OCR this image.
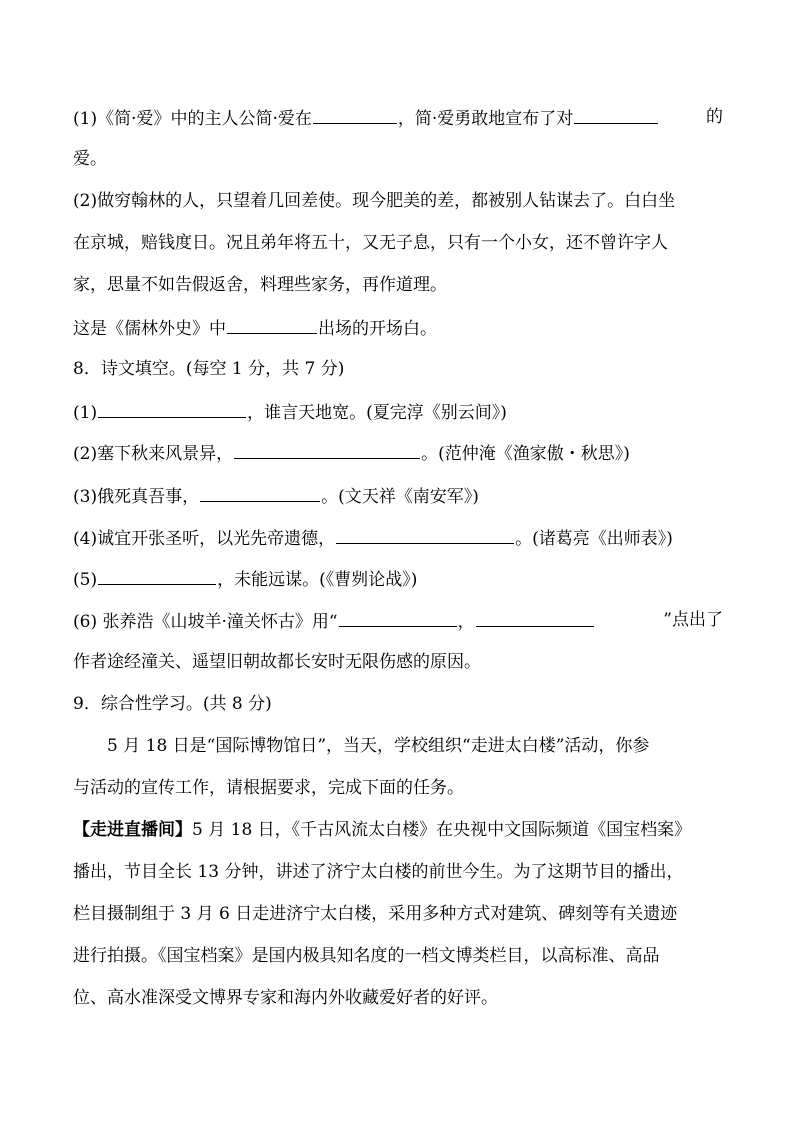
(1)《简·爱》中的主人公简·爱在	，简·爱勇敢地宣布了对	的
爱。
(2)做穷翰林的人，只望着几回差使。现今肥美的差，都被别人钻谋去了。白白坐
在京城，赔钱度日。况且弟年将五十，又无子息，只有一个小女，还不曾许字人
家，思量不如告假返舍，料理些家务，再作道理。
这是《儒林外史》中	出场的开场白。
8．诗文填空。(每空 1 分，共 7 分)
(1)	，谁言天地宽。(夏完淳《别云间》)
(2)塞下秋来风景异，	。(范仲淹《渔家傲・秋思》)
(3)俄死真吾事，	。(文天祥《南安军》)
(4)诚宜开张圣听，以光先帝遗德，	。(诸葛亮《出师表》)
(5)	，未能远谋。(《曹刿论战》)
(6) 张养浩《山坡羊·潼关怀古》用“	，	”点出了
作者途经潼关、遥望旧朝故都长安时无限伤感的原因。
9．综合性学习。(共 8 分)
5 月 18 日是“国际博物馆日”，当天，学校组织“走进太白楼”活动，你参
与活动的宣传工作，请根据要求，完成下面的任务。
【走进直播间】5 月 18 日，《千古风流太白楼》在央视中文国际频道《国宝档案》
播出，节目全长 13 分钟，讲述了济宁太白楼的前世今生。为了这期节目的播出，
栏目摄制组于 3 月 6 日走进济宁太白楼，采用多种方式对建筑、碑刻等有关遗迹
进行拍摄。《国宝档案》是国内极具知名度的一档文博类栏目，以高标准、高品
位、高水准深受文博界专家和海内外收藏爱好者的好评。
